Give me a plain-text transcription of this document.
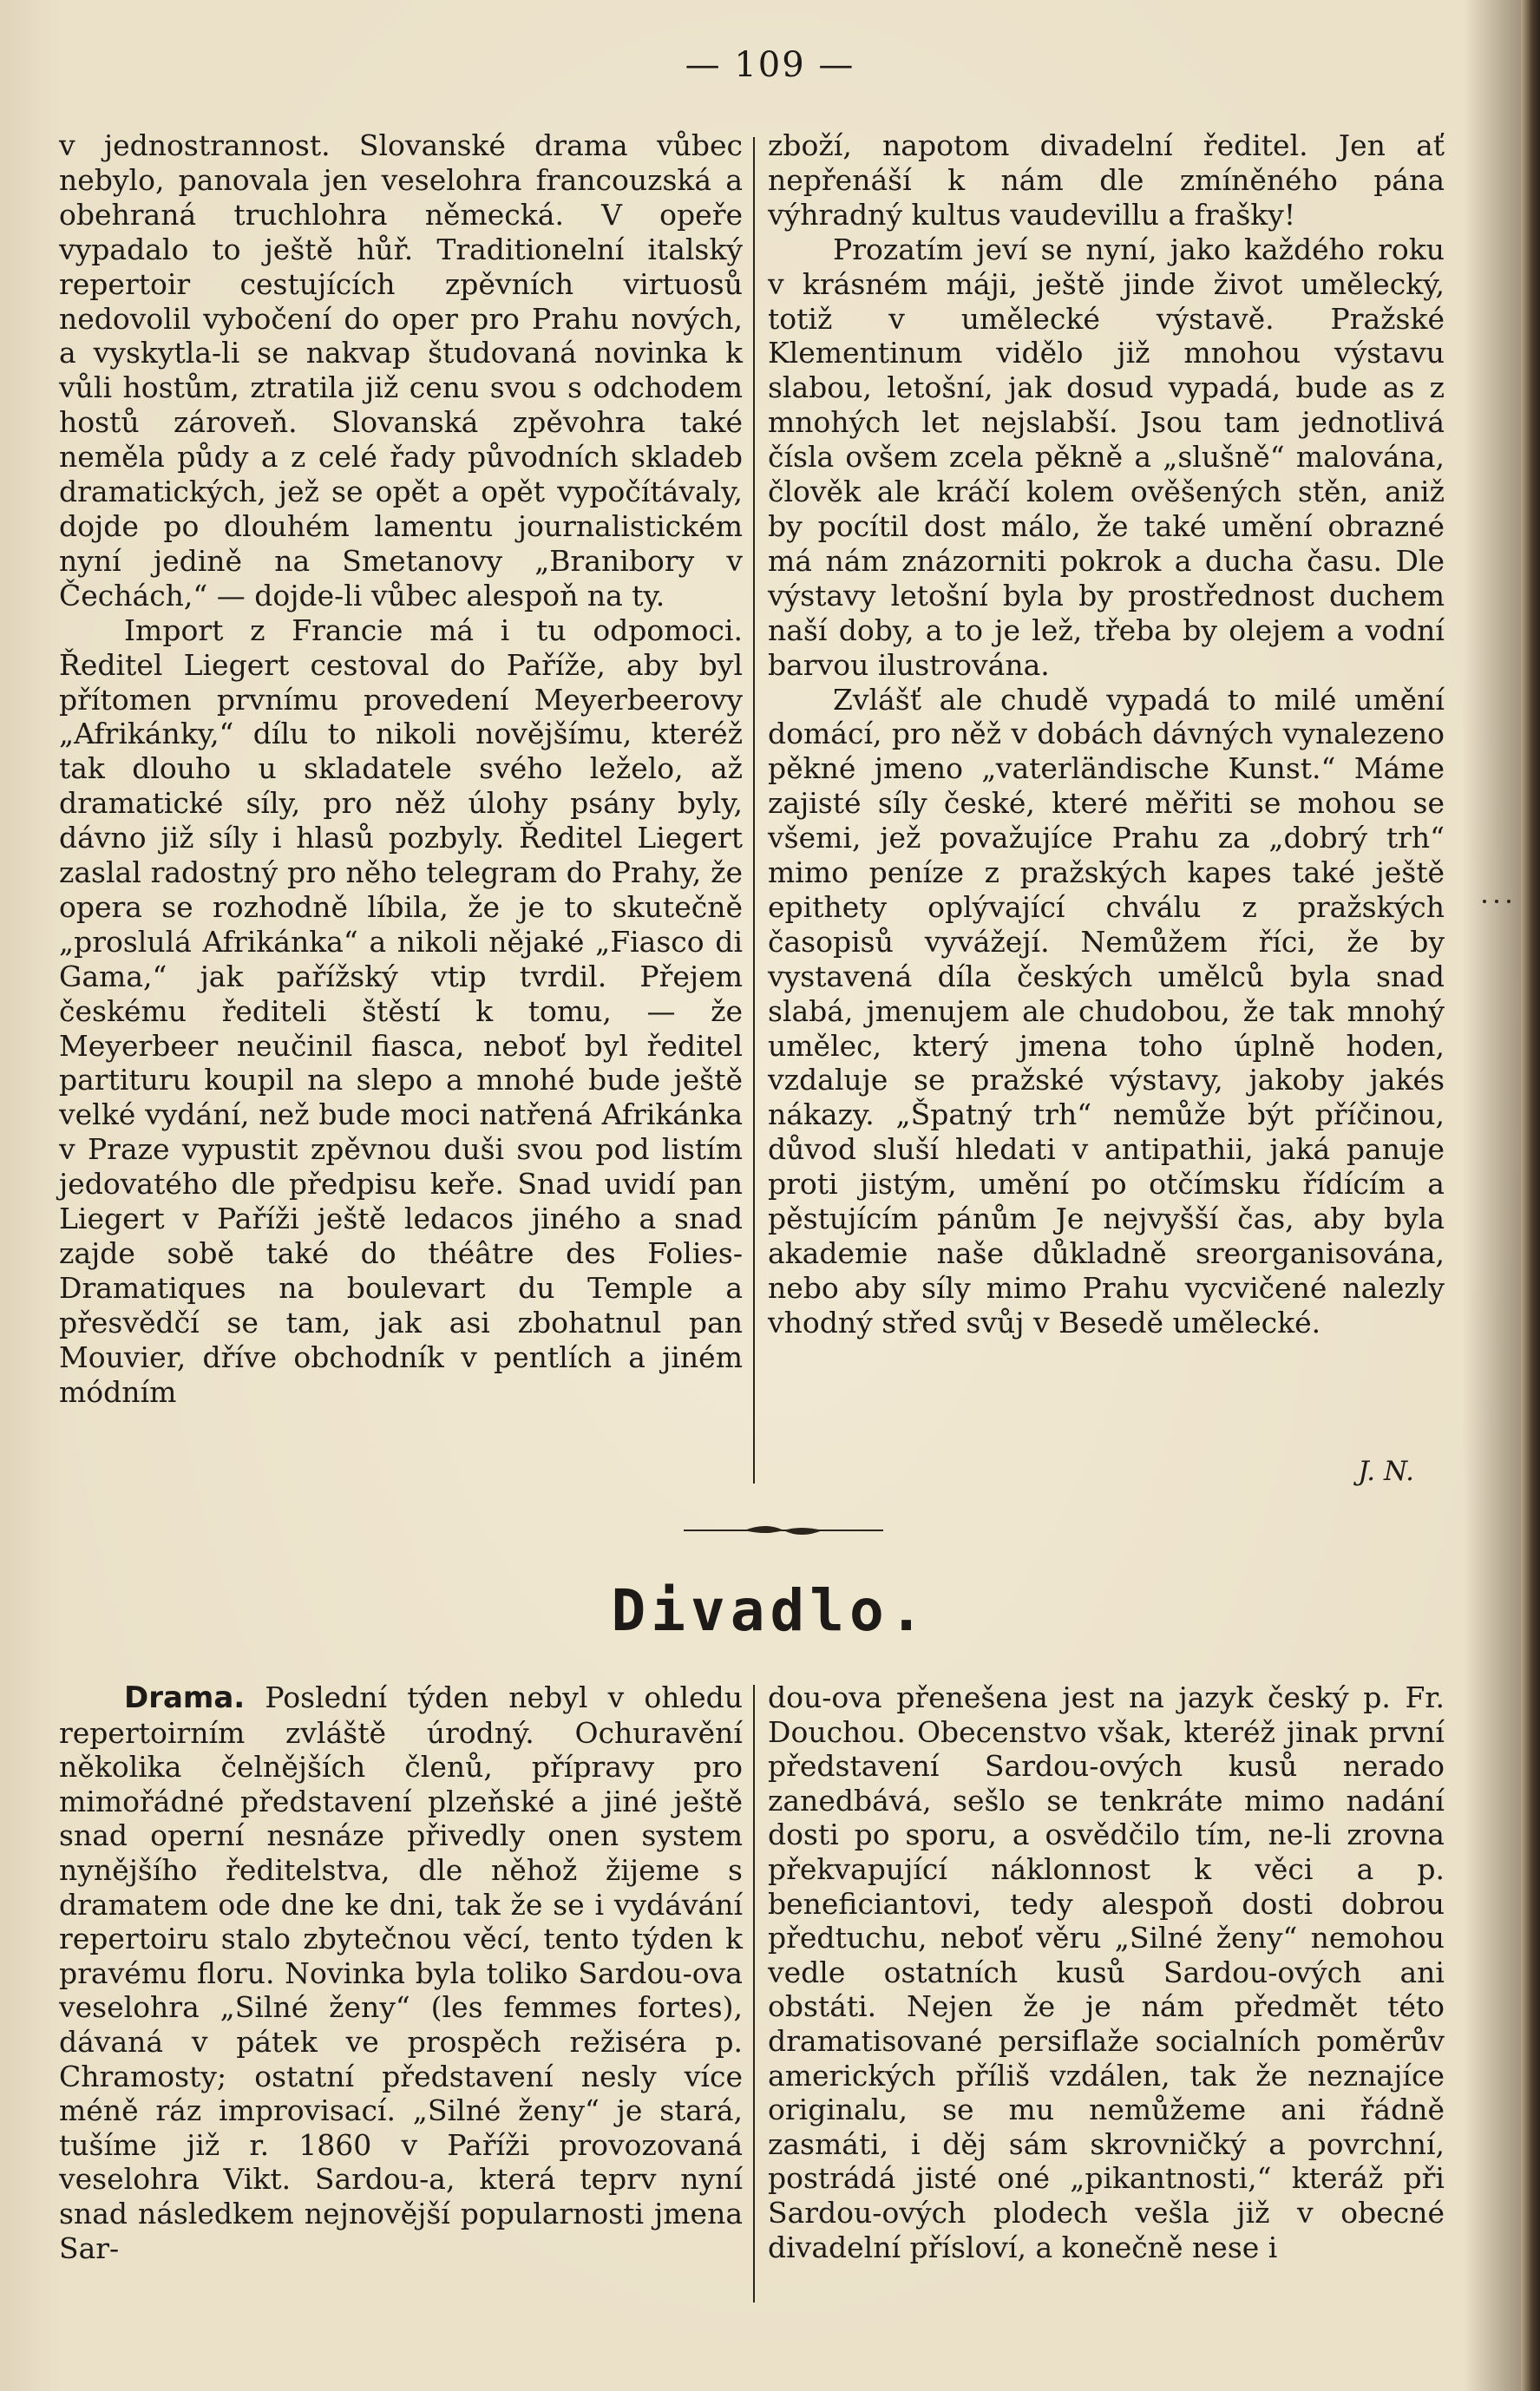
— 109 —

v jednostrannost. Slovanské drama vůbec nebylo, panovala jen veselohra francouzská a obehraná truchlohra německá. V opeře vypadalo to ještě hůř. Traditionelní italský repertoir cestujících zpěvních virtuosů nedovolil vybočení do oper pro Prahu nových, a vyskytla-li se nakvap študovaná novinka k vůli hostům, ztratila již cenu svou s odchodem hostů zároveň. Slovanská zpěvohra také neměla půdy a z celé řady původních skladeb dramatických, jež se opět a opět vypočítávaly, dojde po dlouhém lamentu journalistickém nyní jedině na Smetanovy „Branibory v Čechách,“ — dojde-li vůbec alespoň na ty.

Import z Francie má i tu odpomoci. Ředitel Liegert cestoval do Paříže, aby byl přítomen prvnímu provedení Meyerbeerovy „Afrikánky,“ dílu to nikoli novějšímu, kteréž tak dlouho u skladatele svého leželo, až dramatické síly, pro něž úlohy psány byly, dávno již síly i hlasů pozbyly. Ředitel Liegert zaslal radostný pro něho telegram do Prahy, že opera se rozhodně líbila, že je to skutečně „proslulá Afrikánka“ a nikoli nějaké „Fiasco di Gama,“ jak pařížský vtip tvrdil. Přejem českému řediteli štěstí k tomu, — že Meyerbeer neučinil fiasca, neboť byl ředitel partituru koupil na slepo a mnohé bude ještě velké vydání, než bude moci natřená Afrikánka v Praze vypustit zpěvnou duši svou pod listím jedovatého dle předpisu keře. Snad uvidí pan Liegert v Paříži ještě ledacos jiného a snad zajde sobě také do théâtre des Folies-Dramatiques na boulevart du Temple a přesvědčí se tam, jak asi zbohatnul pan Mouvier, dříve obchodník v pentlích a jiném módním

zboží, napotom divadelní ředitel. Jen ať nepřenáší k nám dle zmíněného pána výhradný kultus vaudevillu a frašky!

Prozatím jeví se nyní, jako každého roku v krásném máji, ještě jinde život umělecký, totiž v umělecké výstavě. Pražské Klementinum vidělo již mnohou výstavu slabou, letošní, jak dosud vypadá, bude as z mnohých let nejslabší. Jsou tam jednotlivá čísla ovšem zcela pěkně a „slušně“ malována, člověk ale kráčí kolem ověšených stěn, aniž by pocítil dost málo, že také umění obrazné má nám znázorniti pokrok a ducha času. Dle výstavy letošní byla by prostřednost duchem naší doby, a to je lež, třeba by olejem a vodní barvou ilustrována.

Zvlášť ale chudě vypadá to milé umění domácí, pro něž v dobách dávných vynalezeno pěkné jmeno „vaterländische Kunst.“ Máme zajisté síly české, které měřiti se mohou se všemi, jež považujíce Prahu za „dobrý trh“ mimo peníze z pražských kapes také ještě epithety oplývající chválu z pražských časopisů vyvážejí. Nemůžem říci, že by vystavená díla českých umělců byla snad slabá, jmenujem ale chudobou, že tak mnohý umělec, který jmena toho úplně hoden, vzdaluje se pražské výstavy, jakoby jakés nákazy. „Špatný trh“ nemůže být příčinou, důvod sluší hledati v antipathii, jaká panuje proti jistým, umění po otčímsku řídícím a pěstujícím pánům Je nejvyšší čas, aby byla akademie naše důkladně sreorganisována, nebo aby síly mimo Prahu vycvičené nalezly vhodný střed svůj v Besedě umělecké.

J. N.
Divadlo.

Drama. Poslední týden nebyl v ohledu repertoirním zvláště úrodný. Ochuravění několika čelnějších členů, přípravy pro mimořádné představení plzeňské a jiné ještě snad operní nesnáze přivedly onen system nynějšího ředitelstva, dle něhož žijeme s dramatem ode dne ke dni, tak že se i vydávání repertoiru stalo zbytečnou věcí, tento týden k pravému floru. Novinka byla toliko Sardou-ova veselohra „Silné ženy“ (les femmes fortes), dávaná v pátek ve prospěch režiséra p. Chramosty; ostatní představení nesly více méně ráz improvisací. „Silné ženy“ je stará, tušíme již r. 1860 v Paříži provozovaná veselohra Vikt. Sardou-a, která teprv nyní snad následkem nejnovější popularnosti jmena Sar-

dou-ova přenešena jest na jazyk český p. Fr. Douchou. Obecenstvo však, kteréž jinak první představení Sardou-ových kusů nerado zanedbává, sešlo se tenkráte mimo nadání dosti po sporu, a osvědčilo tím, ne-li zrovna překvapující náklonnost k věci a p. beneficiantovi, tedy alespoň dosti dobrou předtuchu, neboť věru „Silné ženy“ nemohou vedle ostatních kusů Sardou-ových ani obstáti. Nejen že je nám předmět této dramatisované persiflaže socialních poměrův amerických příliš vzdálen, tak že neznajíce originalu, se mu nemůžeme ani řádně zasmáti, i děj sám skrovničký a povrchní, postrádá jisté oné „pikantnosti,“ kteráž při Sardou-ových plodech vešla již v obecné divadelní přísloví, a konečně nese i
